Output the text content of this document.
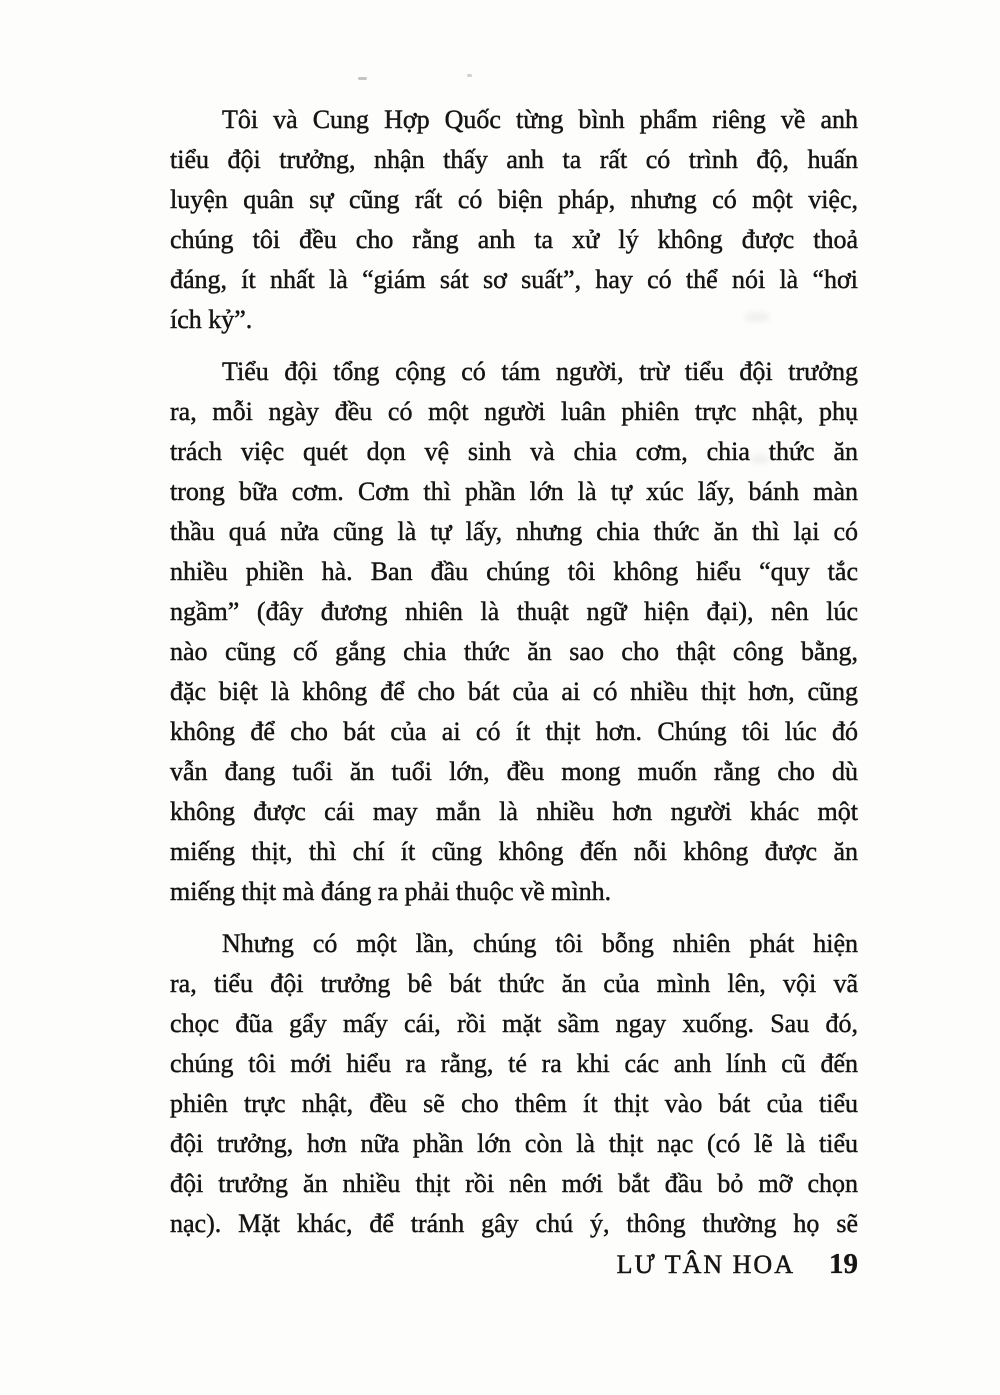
Tôi và Cung Hợp Quốc từng bình phẩm riêng về anh
tiểu đội trưởng, nhận thấy anh ta rất có trình độ, huấn
luyện quân sự cũng rất có biện pháp, nhưng có một việc,
chúng tôi đều cho rằng anh ta xử lý không được thoả
đáng, ít nhất là “giám sát sơ suất”, hay có thể nói là “hơi
ích kỷ”.
Tiểu đội tổng cộng có tám người, trừ tiểu đội trưởng
ra, mỗi ngày đều có một người luân phiên trực nhật, phụ
trách việc quét dọn vệ sinh và chia cơm, chia thức ăn
trong bữa cơm. Cơm thì phần lớn là tự xúc lấy, bánh màn
thầu quá nửa cũng là tự lấy, nhưng chia thức ăn thì lại có
nhiều phiền hà. Ban đầu chúng tôi không hiểu “quy tắc
ngầm” (đây đương nhiên là thuật ngữ hiện đại), nên lúc
nào cũng cố gắng chia thức ăn sao cho thật công bằng,
đặc biệt là không để cho bát của ai có nhiều thịt hơn, cũng
không để cho bát của ai có ít thịt hơn. Chúng tôi lúc đó
vẫn đang tuổi ăn tuổi lớn, đều mong muốn rằng cho dù
không được cái may mắn là nhiều hơn người khác một
miếng thịt, thì chí ít cũng không đến nỗi không được ăn
miếng thịt mà đáng ra phải thuộc về mình.
Nhưng có một lần, chúng tôi bỗng nhiên phát hiện
ra, tiểu đội trưởng bê bát thức ăn của mình lên, vội vã
chọc đũa gẩy mấy cái, rồi mặt sầm ngay xuống. Sau đó,
chúng tôi mới hiểu ra rằng, té ra khi các anh lính cũ đến
phiên trực nhật, đều sẽ cho thêm ít thịt vào bát của tiểu
đội trưởng, hơn nữa phần lớn còn là thịt nạc (có lẽ là tiểu
đội trưởng ăn nhiều thịt rồi nên mới bắt đầu bỏ mỡ chọn
nạc). Mặt khác, để tránh gây chú ý, thông thường họ sẽ
LƯ TÂN HOA 19
